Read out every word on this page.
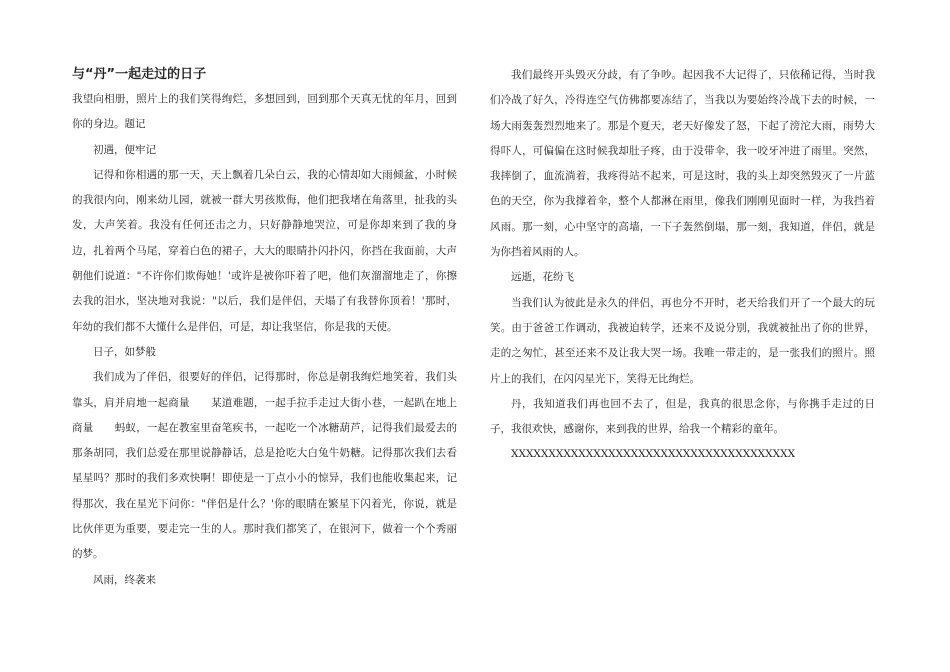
与“丹”一起走过的日子

我望向相册，照片上的我们笑得绚烂，多想回到，回到那个天真无忧的年月，回到你的身边。题记

初遇，便牢记

记得和你相遇的那一天，天上飘着几朵白云，我的心情却如大雨倾盆，小时候的我很内向，刚来幼儿园，就被一群大男孩欺侮，他们把我堵在角落里，扯我的头发，大声笑着。我没有任何还击之力，只好静静地哭泣，可是你却来到了我的身边，扎着两个马尾，穿着白色的裙子，大大的眼睛扑闪扑闪，你挡在我面前，大声朝他们说道："不许你们欺侮她！'或许是被你吓着了吧，他们灰溜溜地走了，你擦去我的泪水，坚决地对我说："以后，我们是伴侣，天塌了有我替你顶着！'那时，年幼的我们都不大懂什么是伴侣，可是，却让我坚信，你是我的天使。

日子，如梦般

我们成为了伴侣，很要好的伴侣，记得那时，你总是朝我绚烂地笑着，我们头靠头，肩并肩地一起商量　　某道难题，一起手拉手走过大街小巷，一起趴在地上商量　　蚂蚁，一起在教室里奋笔疾书，一起吃一个冰糖葫芦，记得我们最爱去的那条胡同，我们总爱在那里说静静话，总是抢吃大白兔牛奶糖。记得那次我们去看星星吗？那时的我们多欢快啊！即使是一丁点小小的惊异，我们也能收集起来，记得那次，我在星光下问你："伴侣是什么？'你的眼睛在繁星下闪着光，你说，就是比伙伴更为重要，要走完一生的人。那时我们都笑了，在银河下，做着一个个秀丽的梦。

风雨，终袭来

我们最终开头毁灭分歧，有了争吵。起因我不大记得了，只依稀记得，当时我们冷战了好久，冷得连空气仿佛都要冻结了，当我以为要始终冷战下去的时候，一场大雨轰轰烈烈地来了。那是个夏天，老天好像发了怒，下起了滂沱大雨，雨势大得吓人，可偏偏在这时候我却肚子疼，由于没带伞，我一咬牙冲进了雨里。突然，我摔倒了，血流淌着，我疼得站不起来，可是这时，我的头上却突然毁灭了一片蓝色的天空，你为我撑着伞，整个人都淋在雨里，像我们刚刚见面时一样，为我挡着风雨。那一刻，心中坚守的高墙，一下子轰然倒塌，那一刻，我知道，伴侣，就是为你挡着风雨的人。

远逝，花纷飞

当我们认为彼此是永久的伴侣，再也分不开时，老天给我们开了一个最大的玩笑。由于爸爸工作调动，我被迫转学，还来不及说分别，我就被扯出了你的世界，走的之匆忙，甚至还来不及让我大哭一场。我唯一带走的，是一张我们的照片。照片上的我们，在闪闪星光下，笑得无比绚烂。

丹，我知道我们再也回不去了，但是，我真的很思念你，与你携手走过的日子，我很欢快，感谢你，来到我的世界，给我一个精彩的童年。

XXXXXXXXXXXXXXXXXXXXXXXXXXXXXXXXXXXXXX
